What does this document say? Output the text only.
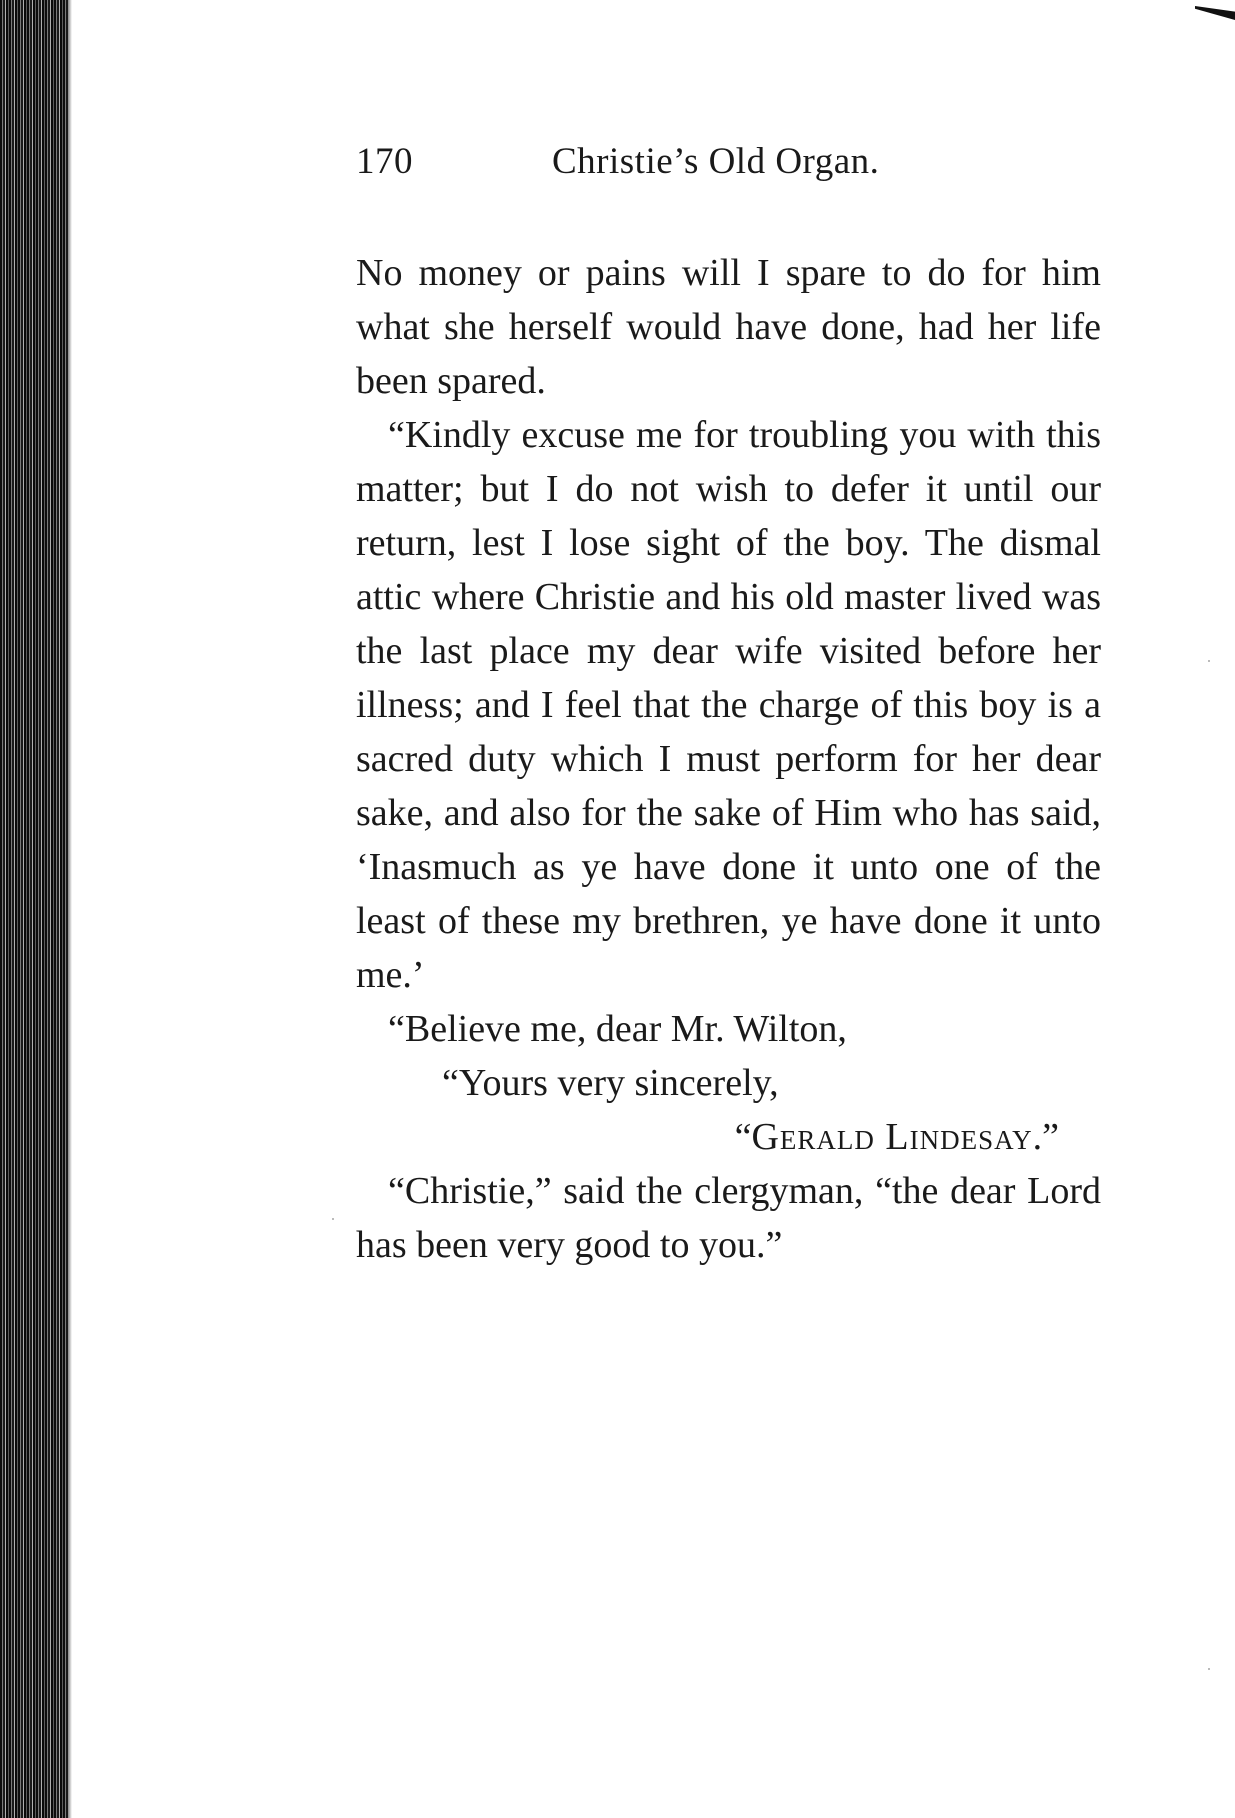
170	Christie’s Old Organ.

No money or pains will I spare to do for him what she herself would have done, had her life been spared.

“Kindly excuse me for troubling you with this matter; but I do not wish to defer it until our return, lest I lose sight of the boy. The dismal attic where Christie and his old master lived was the last place my dear wife visited before her illness; and I feel that the charge of this boy is a sacred duty which I must perform for her dear sake, and also for the sake of Him who has said, ‘Inasmuch as ye have done it unto one of the least of these my brethren, ye have done it unto me.’

“Believe me, dear Mr. Wilton,

“Yours very sincerely,

“Gerald Lindesay.”

“Christie,” said the clergyman, “the dear Lord has been very good to you.”
